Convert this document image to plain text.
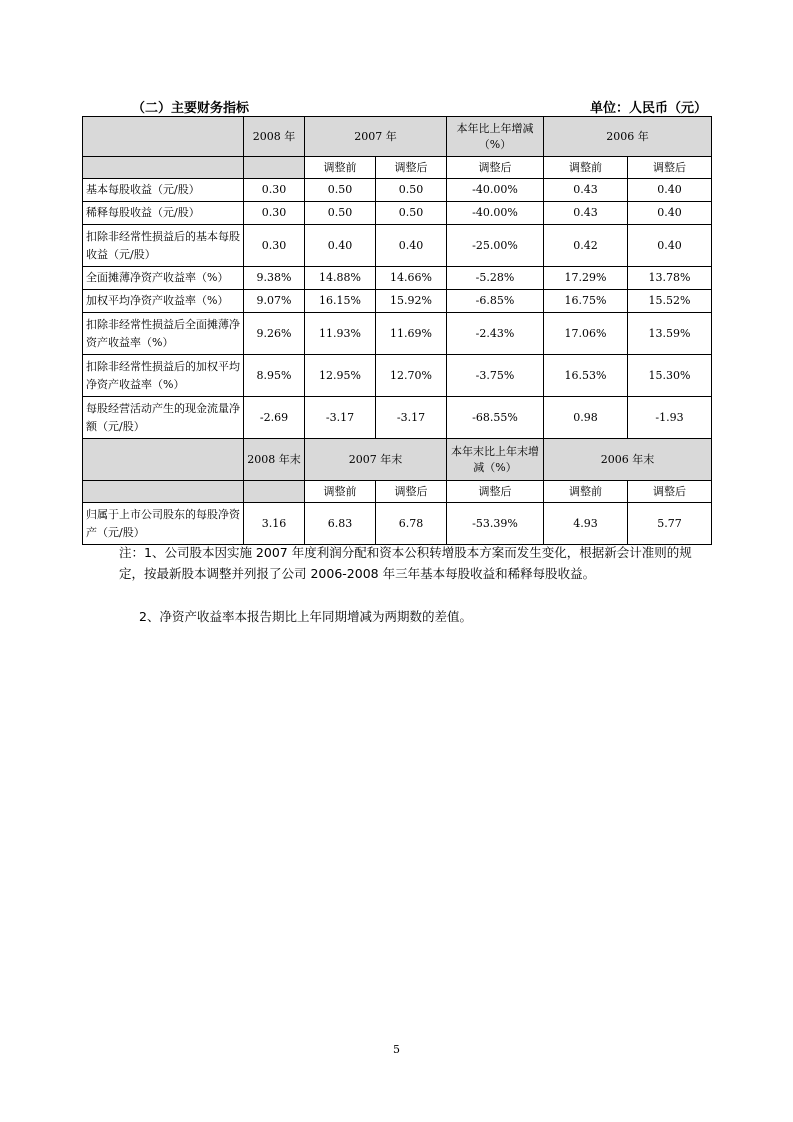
（二）主要财务指标	单位：人民币（元）
	2008 年	2007 年		本年比上年增减（%）	2006 年	
		调整前	调整后	调整后	调整前	调整后
基本每股收益（元/股）	0.30	0.50	0.50	-40.00%	0.43	0.40
稀释每股收益（元/股）	0.30	0.50	0.50	-40.00%	0.43	0.40
扣除非经常性损益后的基本每股收益（元/股）	0.30	0.40	0.40	-25.00%	0.42	0.40
全面摊薄净资产收益率（%）	9.38%	14.88%	14.66%	-5.28%	17.29%	13.78%
加权平均净资产收益率（%）	9.07%	16.15%	15.92%	-6.85%	16.75%	15.52%
扣除非经常性损益后全面摊薄净资产收益率（%）	9.26%	11.93%	11.69%	-2.43%	17.06%	13.59%
扣除非经常性损益后的加权平均净资产收益率（%）	8.95%	12.95%	12.70%	-3.75%	16.53%	15.30%
每股经营活动产生的现金流量净额（元/股）	-2.69	-3.17	-3.17	-68.55%	0.98	-1.93
	2008 年末	2007 年末		本年末比上年末增减（%）	2006 年末	
		调整前	调整后	调整后	调整前	调整后
归属于上市公司股东的每股净资产（元/股）	3.16	6.83	6.78	-53.39%	4.93	5.77
注：1、公司股本因实施 2007 年度利润分配和资本公积转增股本方案而发生变化，根据新会计准则的规定，按最新股本调整并列报了公司 2006-2008 年三年基本每股收益和稀释每股收益。
2、净资产收益率本报告期比上年同期增减为两期数的差值。
5
